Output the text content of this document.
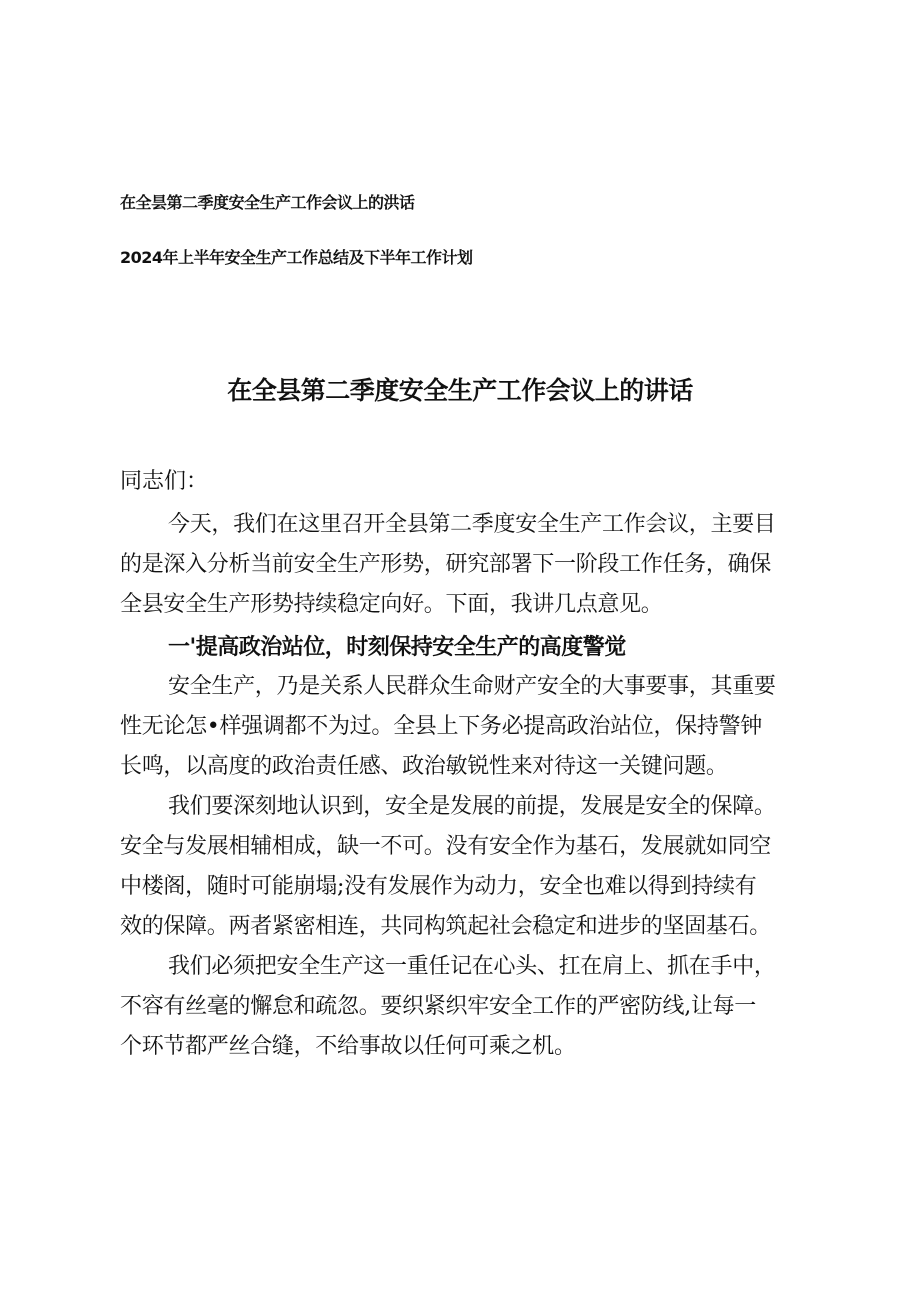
在全昙第二季度安全生产工作会议上的洪话
2024年上半年安全生产工作总结及下半年工作计划
在全县第二季度安全生产工作会议上的讲话
同志们：
今天，我们在这里召开全县第二季度安全生产工作会议，主要目
的是深入分析当前安全生产形势，研究部署下一阶段工作任务，确保
全县安全生产形势持续稳定向好。下面，我讲几点意见。
一'提高政治站位，时刻保持安全生产的高度警觉
安全生产，乃是关系人民群众生命财产安全的大事要事，其重要
性无论怎•样强调都不为过。全县上下务必提高政治站位，保持警钟
长鸣，以高度的政治责任感、政治敏锐性来对待这一关键问题。
我们要深刻地认识到，安全是发展的前提，发展是安全的保障。
安全与发展相辅相成，缺一不可。没有安全作为基石，发展就如同空
中楼阁，随时可能崩塌;没有发展作为动力，安全也难以得到持续有
效的保障。两者紧密相连，共同构筑起社会稳定和进步的坚固基石。
我们必须把安全生产这一重任记在心头、扛在肩上、抓在手中，
不容有丝毫的懈怠和疏忽。要织紧织牢安全工作的严密防线,让每一
个环节都严丝合缝，不给事故以任何可乘之机。
